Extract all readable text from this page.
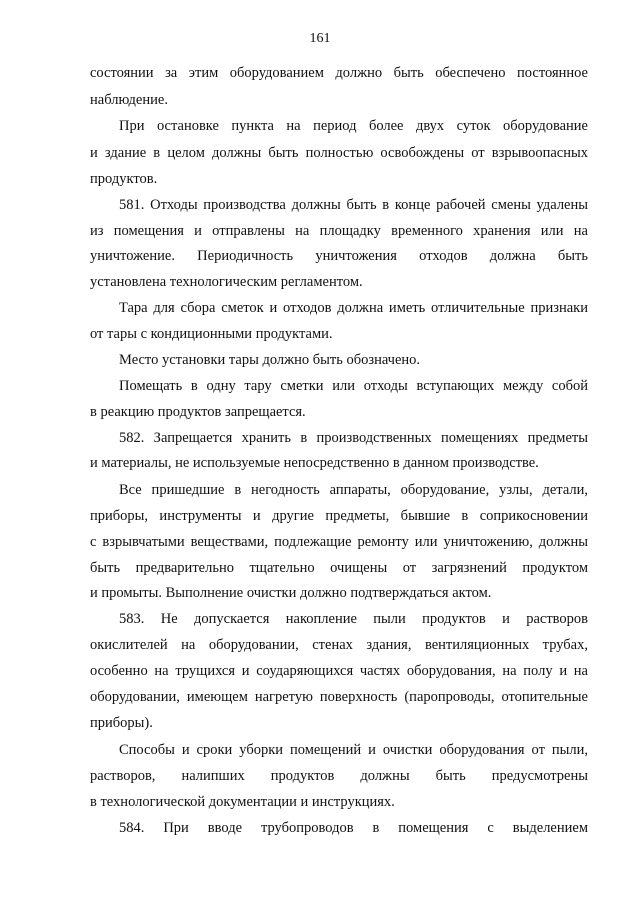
161
состоянии за этим оборудованием должно быть обеспечено постоянное
наблюдение.
При остановке пункта на период более двух суток оборудование
и здание в целом должны быть полностью освобождены от взрывоопасных
продуктов.
581. Отходы производства должны быть в конце рабочей смены удалены
из помещения и отправлены на площадку временного хранения или на
уничтожение. Периодичность уничтожения отходов должна быть
установлена технологическим регламентом.
Тара для сбора сметок и отходов должна иметь отличительные признаки
от тары с кондиционными продуктами.
Место установки тары должно быть обозначено.
Помещать в одну тару сметки или отходы вступающих между собой
в реакцию продуктов запрещается.
582. Запрещается хранить в производственных помещениях предметы
и материалы, не используемые непосредственно в данном производстве.
Все пришедшие в негодность аппараты, оборудование, узлы, детали,
приборы, инструменты и другие предметы, бывшие в соприкосновении
с взрывчатыми веществами, подлежащие ремонту или уничтожению, должны
быть предварительно тщательно очищены от загрязнений продуктом
и промыты. Выполнение очистки должно подтверждаться актом.
583. Не допускается накопление пыли продуктов и растворов
окислителей на оборудовании, стенах здания, вентиляционных трубах,
особенно на трущихся и соударяющихся частях оборудования, на полу и на
оборудовании, имеющем нагретую поверхность (паропроводы, отопительные
приборы).
Способы и сроки уборки помещений и очистки оборудования от пыли,
растворов, налипших продуктов должны быть предусмотрены
в технологической документации и инструкциях.
584. При вводе трубопроводов в помещения с выделением
